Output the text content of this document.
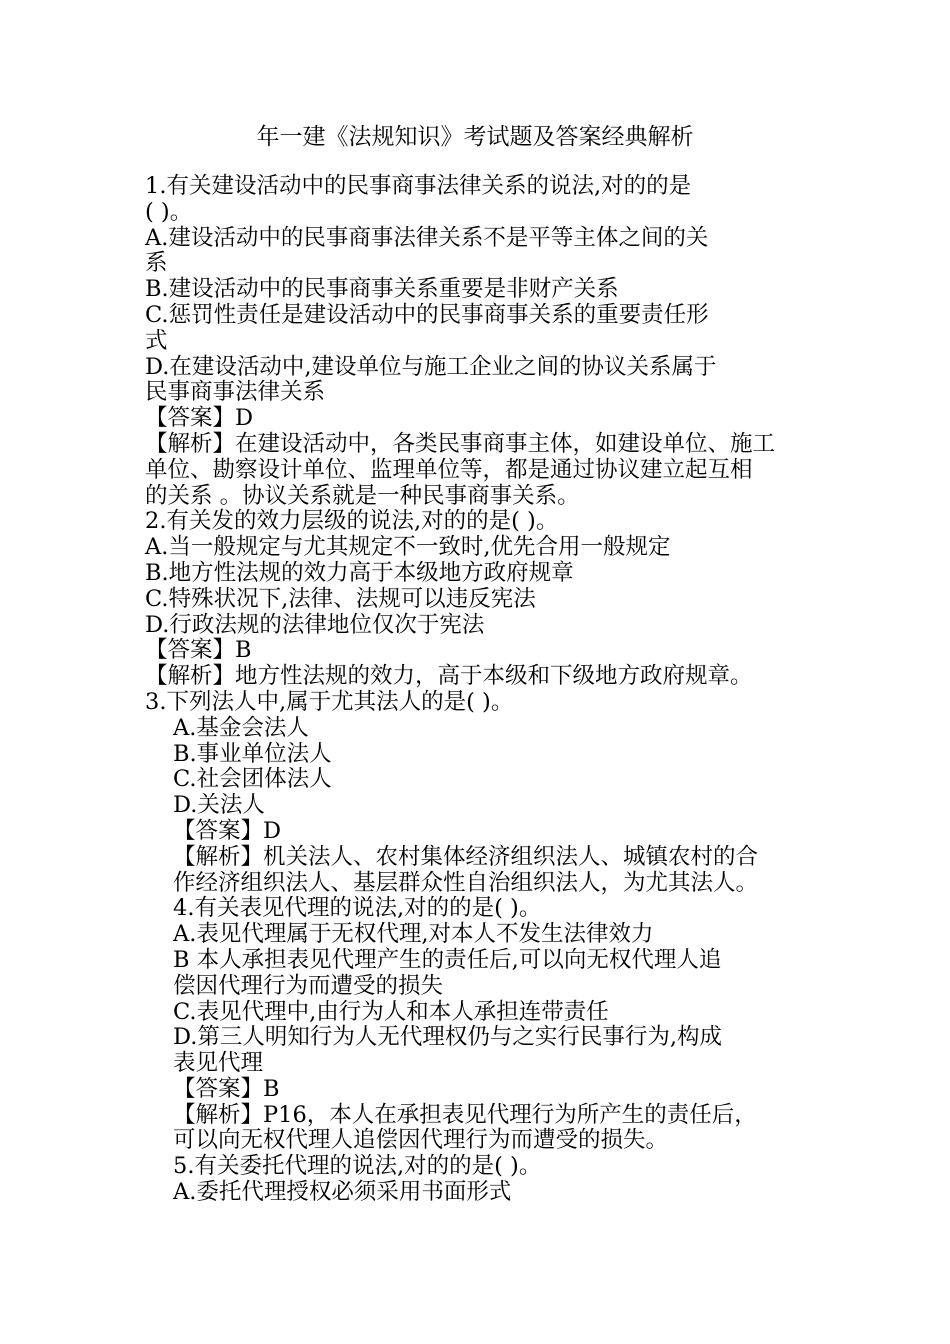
年一建《法规知识》考试题及答案经典解析
1.有关建设活动中的民事商事法律关系的说法,对的的是
( )。
A.建设活动中的民事商事法律关系不是平等主体之间的关
系
B.建设活动中的民事商事关系重要是非财产关系
C.惩罚性责任是建设活动中的民事商事关系的重要责任形
式
D.在建设活动中,建设单位与施工企业之间的协议关系属于
民事商事法律关系
【答案】D
【解析】在建设活动中，各类民事商事主体，如建设单位、施工
单位、勘察设计单位、监理单位等，都是通过协议建立起互相
的关系 。协议关系就是一种民事商事关系。
2.有关发的效力层级的说法,对的的是( )。
A.当一般规定与尤其规定不一致时,优先合用一般规定
B.地方性法规的效力高于本级地方政府规章
C.特殊状况下,法律、法规可以违反宪法
D.行政法规的法律地位仅次于宪法
【答案】B
【解析】地方性法规的效力，高于本级和下级地方政府规章。
3.下列法人中,属于尤其法人的是( )。
A.基金会法人
B.事业单位法人
C.社会团体法人
D.关法人
【答案】D
【解析】机关法人、农村集体经济组织法人、城镇农村的合
作经济组织法人、基层群众性自治组织法人，为尤其法人。
4.有关表见代理的说法,对的的是( )。
A.表见代理属于无权代理,对本人不发生法律效力
B 本人承担表见代理产生的责任后,可以向无权代理人追
偿因代理行为而遭受的损失
C.表见代理中,由行为人和本人承担连带责任
D.第三人明知行为人无代理权仍与之实行民事行为,构成
表见代理
【答案】B
【解析】P16，本人在承担表见代理行为所产生的责任后，
可以向无权代理人追偿因代理行为而遭受的损失。
5.有关委托代理的说法,对的的是( )。
A.委托代理授权必须采用书面形式
